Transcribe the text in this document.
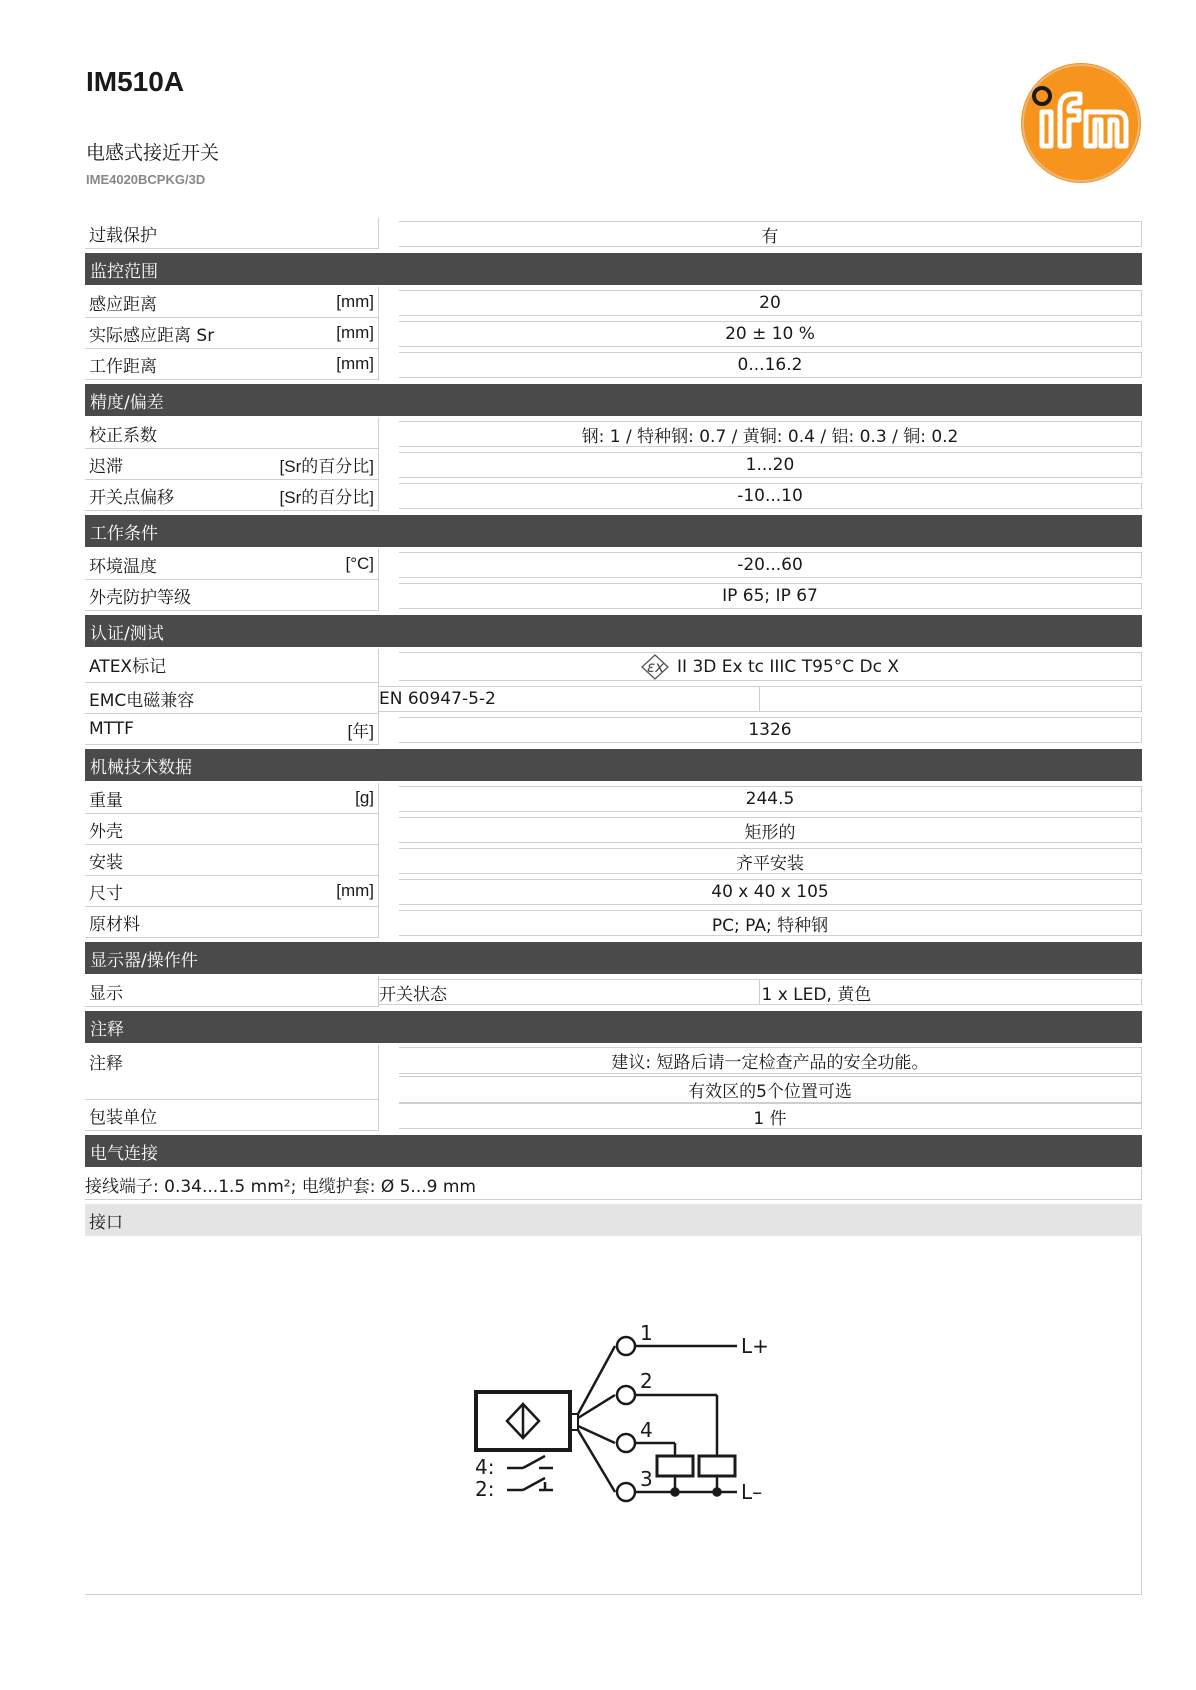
IM510A
电感式接近开关
IME4020BCPKG/3D
ifm
过载保护	有
监控范围
感应距离	[mm]	20
实际感应距离 Sr	[mm]	20 ± 10 %
工作距离	[mm]	0...16.2
精度/偏差
校正系数	钢: 1 / 特种钢: 0.7 / 黄铜: 0.4 / 铝: 0.3 / 铜: 0.2
迟滞	[Sr的百分比]	1...20
开关点偏移	[Sr的百分比]	-10...10
工作条件
环境温度	[°C]	-20...60
外壳防护等级	IP 65; IP 67
认证/测试
ATEX标记	εx II 3D Ex tc IIIC T95°C Dc X
EMC电磁兼容	EN 60947-5-2
MTTF	[年]	1326
机械技术数据
重量	[g]	244.5
外壳	矩形的
安装	齐平安装
尺寸	[mm]	40 x 40 x 105
原材料	PC; PA; 特种钢
显示器/操作件
显示	开关状态	1 x LED, 黄色
注释
注释	建议: 短路后请一定检查产品的安全功能。
有效区的5个位置可选
包装单位	1 件
电气连接
接线端子: 0.34...1.5 mm²; 电缆护套: Ø 5...9 mm
接口
1
2
4
3
L+
L–
4:
2:
